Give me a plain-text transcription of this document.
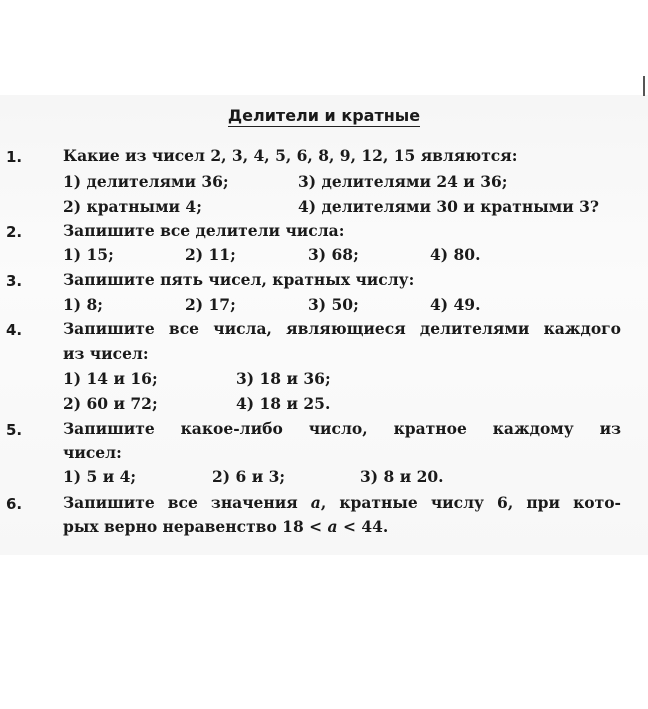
Делители и кратные
1.	Какие из чисел 2, 3, 4, 5, 6, 8, 9, 12, 15 являются:
1) делителями 36;	3) делителями 24 и 36;
2) кратными 4;	4) делителями 30 и кратными 3?
2.	Запишите все делители числа:
1) 15;	2) 11;	3) 68;	4) 80.
3.	Запишите пять чисел, кратных числу:
1) 8;	2) 17;	3) 50;	4) 49.
4.	Запишите все числа, являющиеся делителями каждого
из чисел:
1) 14 и 16;	3) 18 и 36;
2) 60 и 72;	4) 18 и 25.
5.	Запишите какое-либо число, кратное каждому из
чисел:
1) 5 и 4;	2) 6 и 3;	3) 8 и 20.
6.	Запишите все значения a, кратные числу 6, при кото-
рых верно неравенство 18 < a < 44.
